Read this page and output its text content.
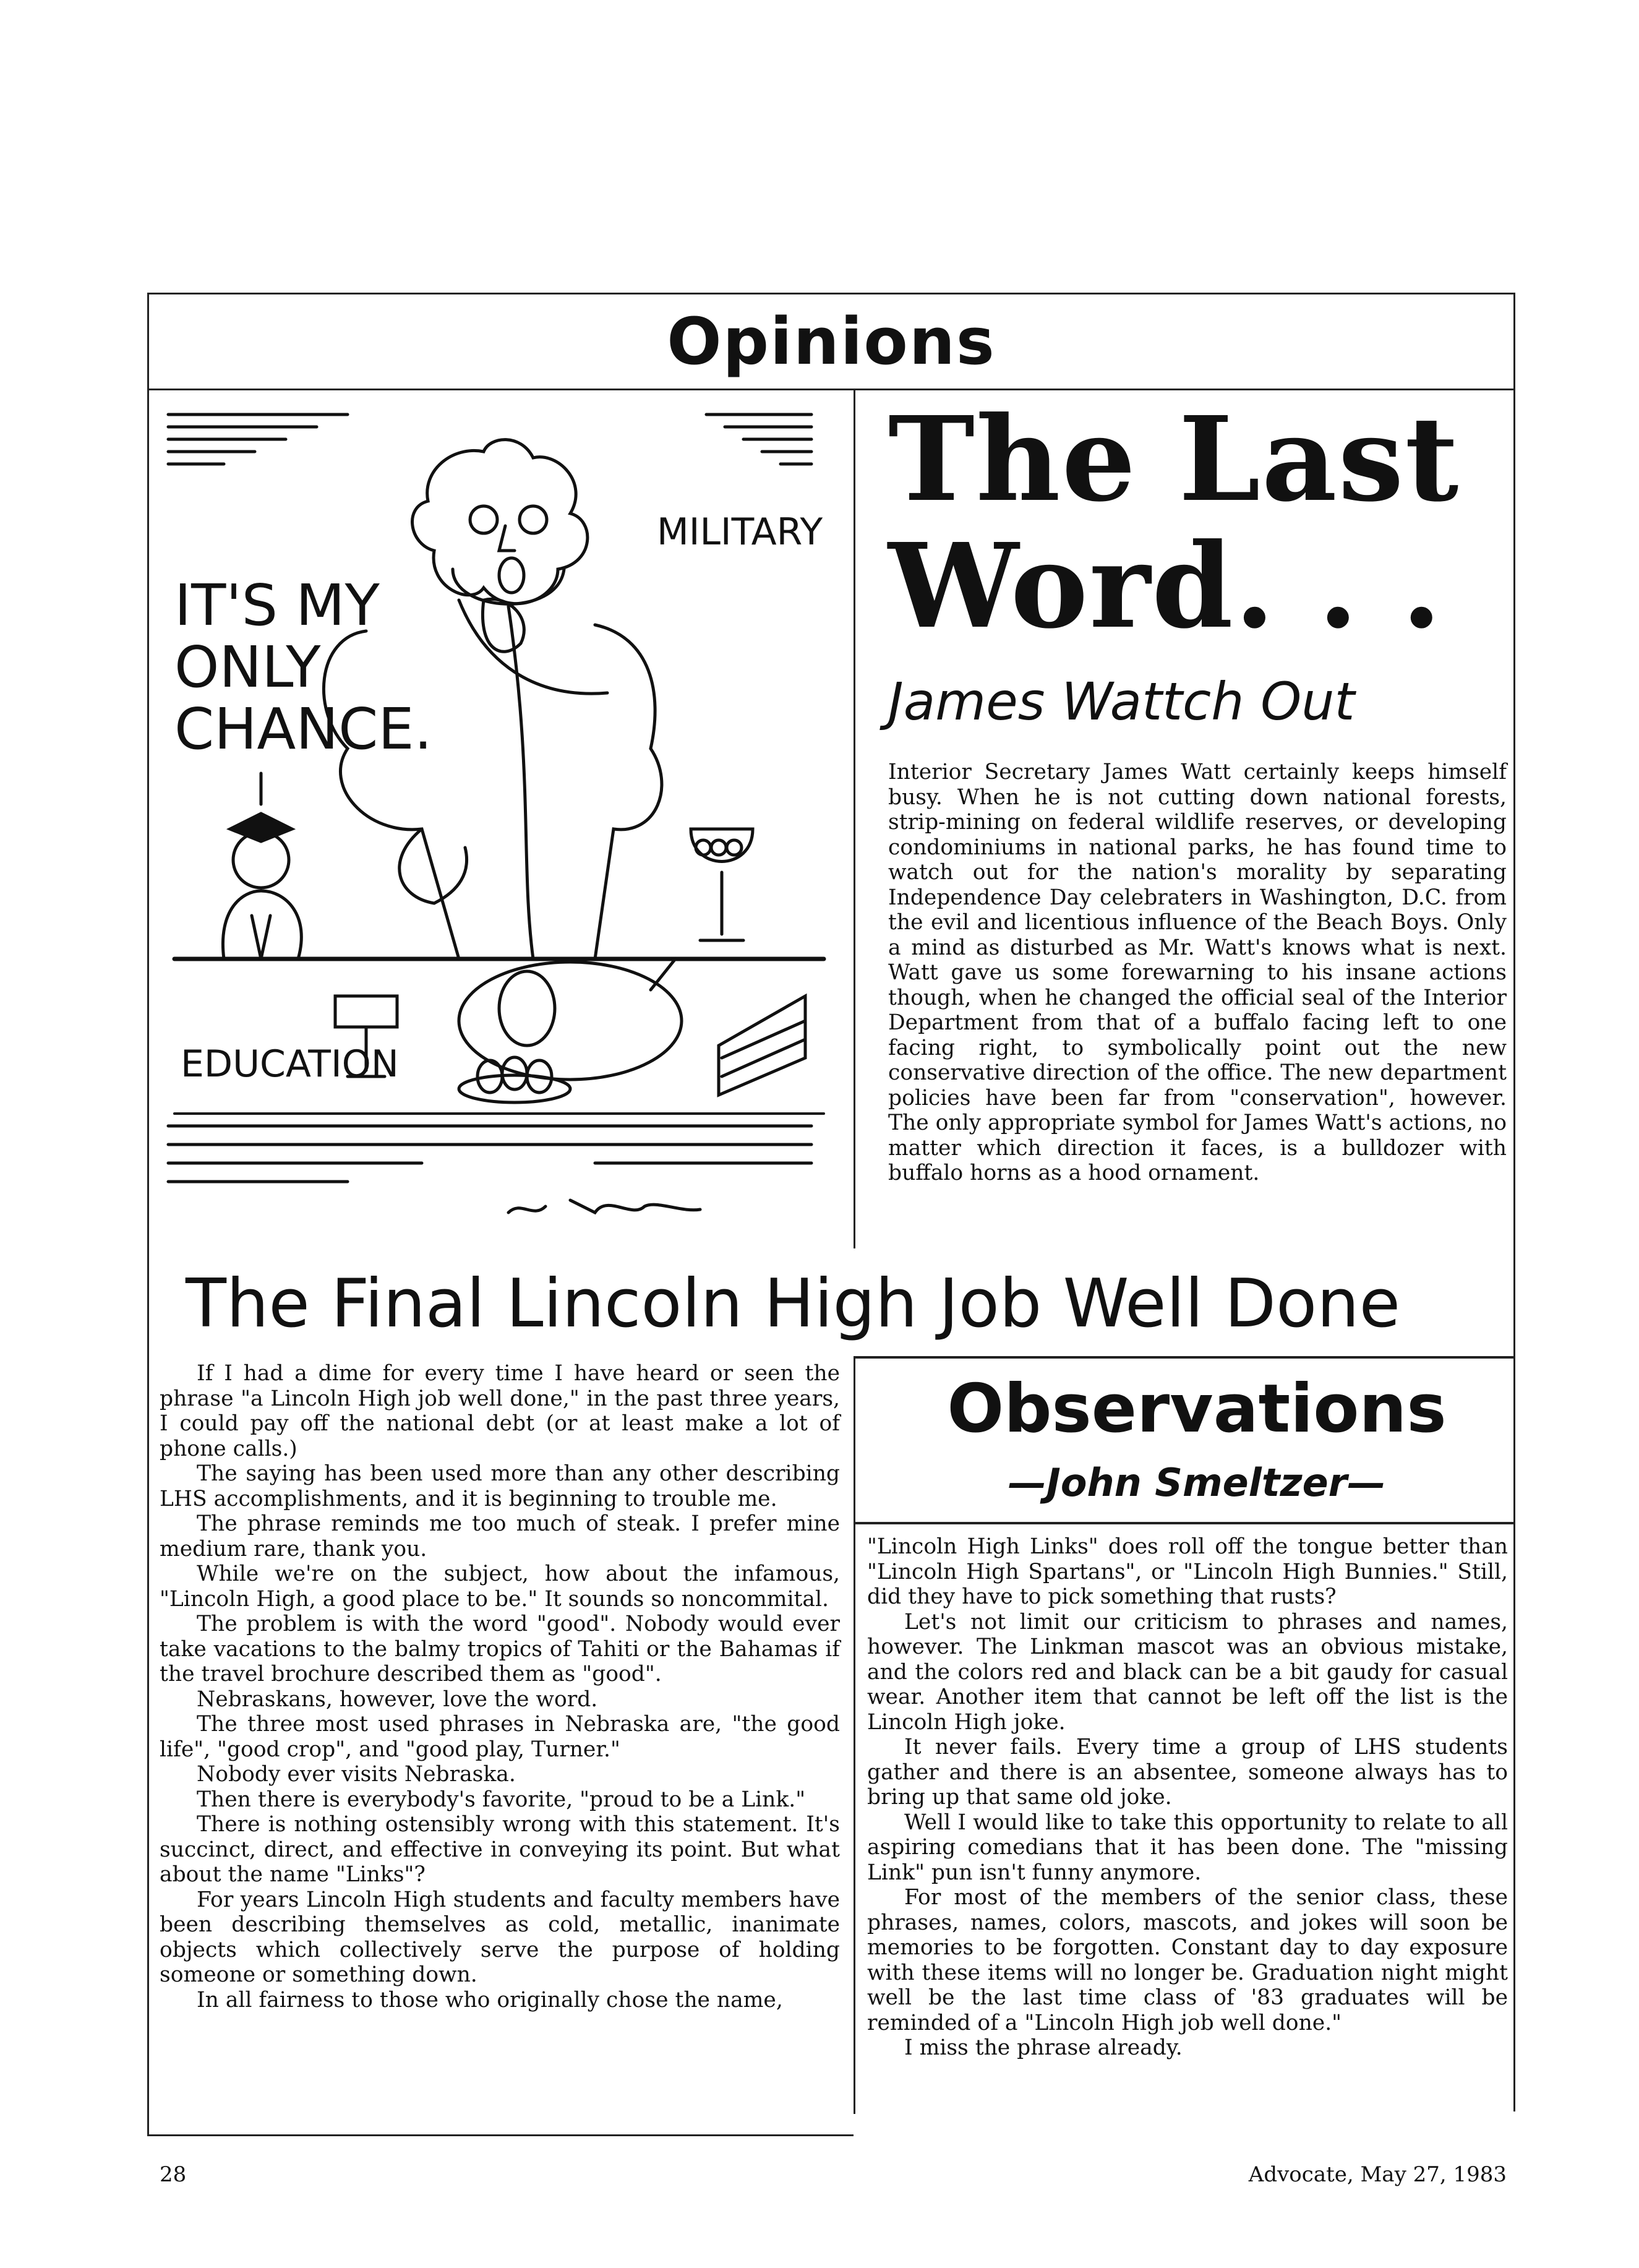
Opinions
IT'S MY
ONLY
CHANCE.
MILITARY
EDUCATION
The Last Word. . .
James Wattch Out

Interior Secretary James Watt certainly keeps himself busy. When he is not cutting down national forests, strip-mining on federal wildlife reserves, or developing condominiums in national parks, he has found time to watch out for the nation's morality by separating Independence Day celebraters in Washington, D.C. from the evil and licentious influence of the Beach Boys. Only a mind as disturbed as Mr. Watt's knows what is next. Watt gave us some forewarning to his insane actions though, when he changed the official seal of the Interior Department from that of a buffalo facing left to one facing right, to symbolically point out the new conservative direction of the office. The new department policies have been far from "conservation", however. The only appropriate symbol for James Watt's actions, no matter which direction it faces, is a bulldozer with buffalo horns as a hood ornament.

The Final Lincoln High Job Well Done

If I had a dime for every time I have heard or seen the phrase "a Lincoln High job well done," in the past three years, I could pay off the national debt (or at least make a lot of phone calls.)

The saying has been used more than any other describing LHS accomplishments, and it is beginning to trouble me.

The phrase reminds me too much of steak. I prefer mine medium rare, thank you.

While we're on the subject, how about the infamous, "Lincoln High, a good place to be." It sounds so noncommital.

The problem is with the word "good". Nobody would ever take vacations to the balmy tropics of Tahiti or the Bahamas if the travel brochure described them as "good".

Nebraskans, however, love the word.

The three most used phrases in Nebraska are, "the good life", "good crop", and "good play, Turner."

Nobody ever visits Nebraska.

Then there is everybody's favorite, "proud to be a Link."

There is nothing ostensibly wrong with this statement. It's succinct, direct, and effective in conveying its point. But what about the name "Links"?

For years Lincoln High students and faculty members have been describing themselves as cold, metallic, inanimate objects which collectively serve the purpose of holding someone or something down.

In all fairness to those who originally chose the name,

Observations
—John Smeltzer—

"Lincoln High Links" does roll off the tongue better than "Lincoln High Spartans", or "Lincoln High Bunnies." Still, did they have to pick something that rusts?

Let's not limit our criticism to phrases and names, however. The Linkman mascot was an obvious mistake, and the colors red and black can be a bit gaudy for casual wear. Another item that cannot be left off the list is the Lincoln High joke.

It never fails. Every time a group of LHS students gather and there is an absentee, someone always has to bring up that same old joke.

Well I would like to take this opportunity to relate to all aspiring comedians that it has been done. The "missing Link" pun isn't funny anymore.

For most of the members of the senior class, these phrases, names, colors, mascots, and jokes will soon be memories to be forgotten. Constant day to day exposure with these items will no longer be. Graduation night might well be the last time class of '83 graduates will be reminded of a "Lincoln High job well done."

I miss the phrase already.

28	Advocate, May 27, 1983
